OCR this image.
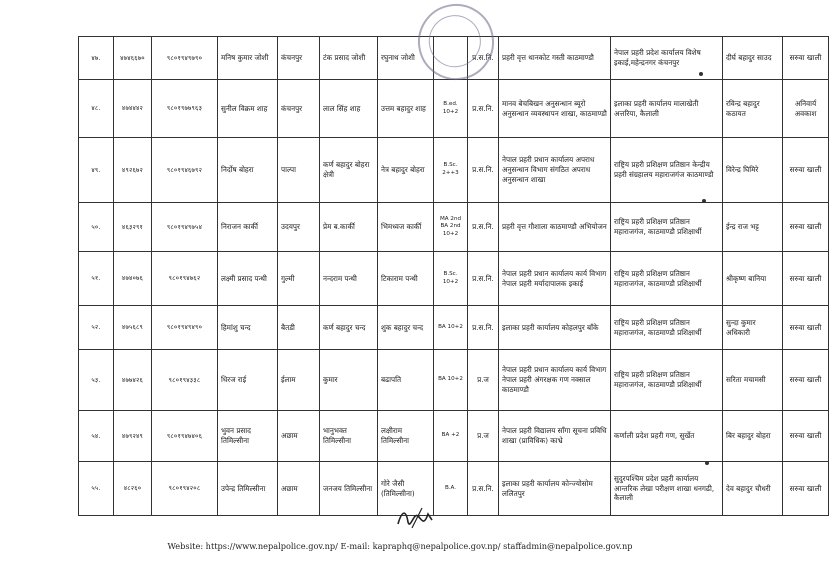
४७.	४७४६६७०	९८०१९४९७९०	मनिष कुमार जोशी	कंचनपुर	टंक प्रसाद जोशी	रघुनाथ जोशी		प्र.स.नि.	प्रहरी वृत्त थानकोट गस्ती काठमाण्डौ	नेपाल प्रहरी प्रदेश कार्यालय विशेष इकाई,महेन्द्रनगर कंचनपुर	दीर्घ बहादुर साउद	सरुवा खाली
४८.	४७४४४२	९८०१९७७९६३	सुनील विक्रम शाह	कंचनपुर	लाल सिंह शाह	उत्तम बहादुर शाह	B.ed. 10+2	प्र.स.नि.	मानव बेचबिखन अनुसन्धान ब्यूरो अनुसन्धान व्यवस्थापन शाखा, काठमाण्डौ	इलाका प्रहरी कार्यालय मालाखेती अत्तरिया, कैलाली	रविन्द्र बहादुर कठायत	अनिवार्य अवकाश
४९.	४९२६७२	९८०१९४६७९२	निर्दोष बोहरा	पाल्पा	कर्ण बहादुर बोहरा क्षेत्री	नेत्र बहादुर बोहरा	B.Sc. 2++3	प्र.स.नि.	नेपाल प्रहरी प्रधान कार्यालय अपराध अनुसन्धान विभाग संगठित अपराध अनुसन्धान शाखा	राष्ट्रिय प्रहरी प्रशिक्षण प्रतिष्ठान केन्द्रीय प्रहरी संग्रहालय महाराजगंज काठमाण्डौ	विरेन्द्र घिमिरे	सरुवा खाली
५०.	४६३२९१	९८०१९४९७५४	निराजन कार्की	उदयपुर	प्रेम ब.कार्की	भिमध्वज कार्की	MA 2nd BA 2nd 10+2	प्र.स.नि.	प्रहरी वृत्त गौशाला काठमाण्डौ अभियोजन	राष्ट्रिय प्रहरी प्रशिक्षण प्रतिष्ठान महाराजगंज, काठमाण्डौ प्रशिक्षार्थी	ईन्द्र राज भट्ट	सरुवा खाली
५१.	४७४०७६	९८०१९४७६२	लक्ष्मी प्रसाद पन्थी	गुल्मी	नन्दराम पन्थी	टिकाराम पन्थी	B.Sc. 10+2	प्र.स.नि.	नेपाल प्रहरी प्रधान कार्यालय कार्य विभाग नेपाल प्रहरी मर्यादापालक इकाई	राष्ट्रिय प्रहरी प्रशिक्षण प्रतिष्ठान महाराजगंज, काठमाण्डौ प्रशिक्षार्थी	श्रीकृष्ण बानिया	सरुवा खाली
५२.	४७५६८९	९८०१९४९४९०	हिमांशु चन्द	बैतडी	कर्ण बहादुर चन्द	शुक बहादुर चन्द	BA 10+2	प्र.स.नि.	इलाका प्रहरी कार्यालय कोहलपुर बाँके	राष्ट्रिय प्रहरी प्रशिक्षण प्रतिष्ठान महाराजगंज, काठमाण्डौ प्रशिक्षार्थी	सुन्दा कुमार अधिकारी	सरुवा खाली
५३.	४७७४२६	९८०१९४३३८	धिरज राई	ईलाम	कुमार	बढापति	BA 10+2	प्र.ज	नेपाल प्रहरी प्रधान कार्यालय कार्य विभाग नेपाल प्रहरी अंगरक्षक गण नक्साल काठमाण्डौ	राष्ट्रिय प्रहरी प्रशिक्षण प्रतिष्ठान महाराजगंज, काठमाण्डौ प्रशिक्षार्थी	सरिता मचामसी	सरुवा खाली
५४.	४७९२४९	९८०१९४७४०६	भुवन प्रसाद तिमिल्सीना	अछाम	भानुभक्त तिमिल्सीना	लक्षीराम तिमिल्सीना	BA +2	प्र.ज	नेपाल प्रहरी विद्यालय साँगा सूचना प्रविधि शाखा (प्राविधिक) काभ्रे	कर्णाली प्रदेश प्रहरी गण, सुर्खेत	बिर बहादुर बोहरा	सरुवा खाली
५५.	४८२६०	९८०१९४२०८	उपेन्द्र तिमिल्सीना	अछाम	जनजय तिमिल्सीना	गोरे जैसी (तिमिल्सीना)	B.A.	प्र.स.नि.	इलाका प्रहरी कार्यालय कोन्ज्योसोम ललितपुर	सुदुरपश्चिम प्रदेश प्रहरी कार्यालय आन्तरिक लेखा परीक्षण शाखा धनगढी, कैलाली	देव बहादुर चौधरी	सरुवा खाली
Website: https://www.nepalpolice.gov.np/ E-mail: kapraphq@nepalpolice.gov.np/ staffadmin@nepalpolice.gov.np
